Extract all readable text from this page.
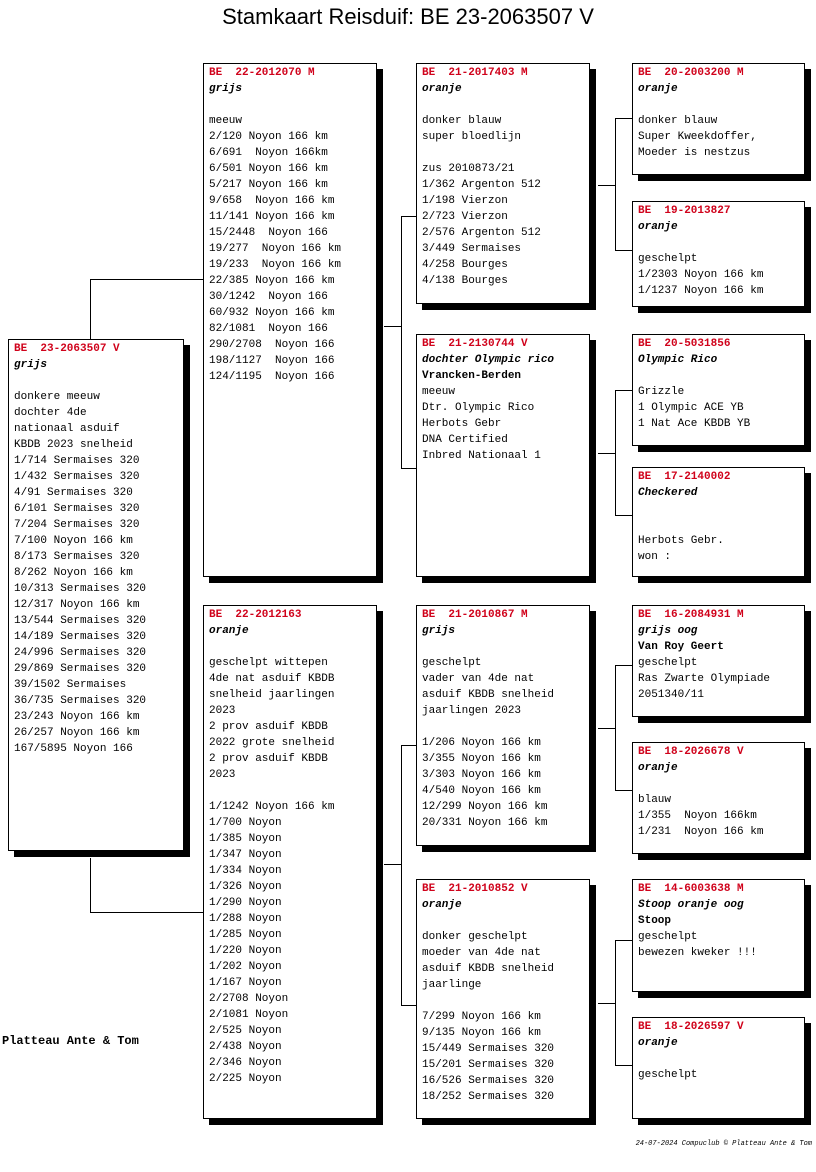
Stamkaart Reisduif: BE 23-2063507 V
BE  23-2063507 V
grijs
donkere meeuw
dochter 4de
nationaal asduif
KBDB 2023 snelheid
1/714 Sermaises 320
1/432 Sermaises 320
4/91 Sermaises 320
6/101 Sermaises 320
7/204 Sermaises 320
7/100 Noyon 166 km
8/173 Sermaises 320
8/262 Noyon 166 km
10/313 Sermaises 320
12/317 Noyon 166 km
13/544 Sermaises 320
14/189 Sermaises 320
24/996 Sermaises 320
29/869 Sermaises 320
39/1502 Sermaises
36/735 Sermaises 320
23/243 Noyon 166 km
26/257 Noyon 166 km
167/5895 Noyon 166
BE  22-2012070 M
grijs
meeuw
2/120 Noyon 166 km
6/691  Noyon 166km
6/501 Noyon 166 km
5/217 Noyon 166 km
9/658  Noyon 166 km
11/141 Noyon 166 km
15/2448  Noyon 166
19/277  Noyon 166 km
19/233  Noyon 166 km
22/385 Noyon 166 km
30/1242  Noyon 166
60/932 Noyon 166 km
82/1081  Noyon 166
290/2708  Noyon 166
198/1127  Noyon 166
124/1195  Noyon 166
BE  22-2012163
oranje
geschelpt wittepen
4de nat asduif KBDB
snelheid jaarlingen
2023
2 prov asduif KBDB
2022 grote snelheid
2 prov asduif KBDB
2023
1/1242 Noyon 166 km
1/700 Noyon
1/385 Noyon
1/347 Noyon
1/334 Noyon
1/326 Noyon
1/290 Noyon
1/288 Noyon
1/285 Noyon
1/220 Noyon
1/202 Noyon
1/167 Noyon
2/2708 Noyon
2/1081 Noyon
2/525 Noyon
2/438 Noyon
2/346 Noyon
2/225 Noyon
BE  21-2017403 M
oranje
donker blauw
super bloedlijn
zus 2010873/21
1/362 Argenton 512
1/198 Vierzon
2/723 Vierzon
2/576 Argenton 512
3/449 Sermaises
4/258 Bourges
4/138 Bourges
BE  21-2130744 V
dochter Olympic rico
Vrancken-Berden
meeuw
Dtr. Olympic Rico
Herbots Gebr
DNA Certified
Inbred Nationaal 1
BE  21-2010867 M
grijs
geschelpt
vader van 4de nat
asduif KBDB snelheid
jaarlingen 2023
1/206 Noyon 166 km
3/355 Noyon 166 km
3/303 Noyon 166 km
4/540 Noyon 166 km
12/299 Noyon 166 km
20/331 Noyon 166 km
BE  21-2010852 V
oranje
donker geschelpt
moeder van 4de nat
asduif KBDB snelheid
jaarlinge
7/299 Noyon 166 km
9/135 Noyon 166 km
15/449 Sermaises 320
15/201 Sermaises 320
16/526 Sermaises 320
18/252 Sermaises 320
BE  20-2003200 M
oranje
donker blauw
Super Kweekdoffer,
Moeder is nestzus
BE  19-2013827
oranje
geschelpt
1/2303 Noyon 166 km
1/1237 Noyon 166 km
BE  20-5031856
Olympic Rico
Grizzle
1 Olympic ACE YB
1 Nat Ace KBDB YB
BE  17-2140002
Checkered
Herbots Gebr.
won :
BE  16-2084931 M
grijs oog
Van Roy Geert
geschelpt
Ras Zwarte Olympiade
2051340/11
BE  18-2026678 V
oranje
blauw
1/355  Noyon 166km
1/231  Noyon 166 km
BE  14-6003638 M
Stoop oranje oog
Stoop
geschelpt
bewezen kweker !!!
BE  18-2026597 V
oranje
geschelpt
Platteau Ante & Tom
24-07-2024 Compuclub © Platteau Ante & Tom
